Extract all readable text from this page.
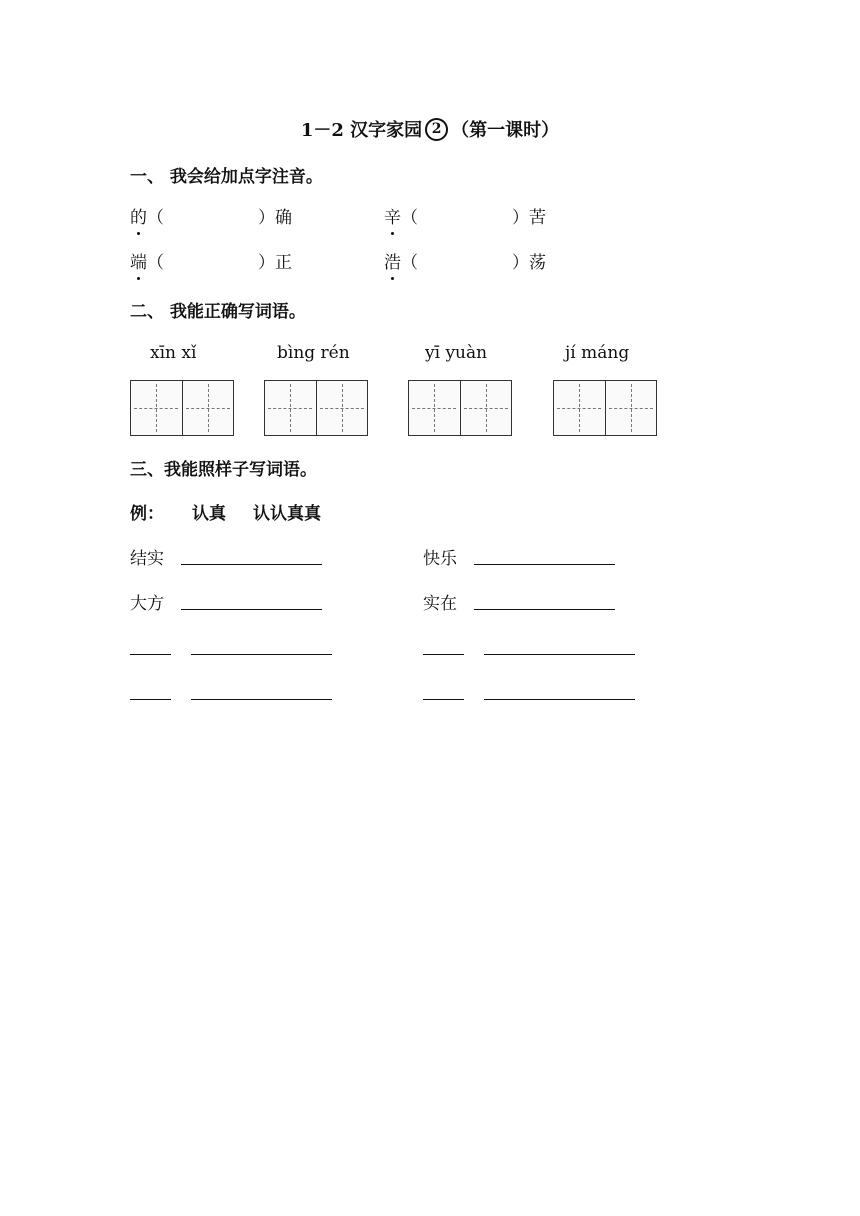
1－2 汉字家园 2 （第一课时）
一、 我会给加点字注音。
的（	）确	辛（	）苦
端（	）正	浩（	）荡
二、 我能正确写词语。
xīn xǐ	bìng rén	yī yuàn	jí máng
三、我能照样子写词语。
例： 认真 认认真真
结实	快乐
大方	实在
